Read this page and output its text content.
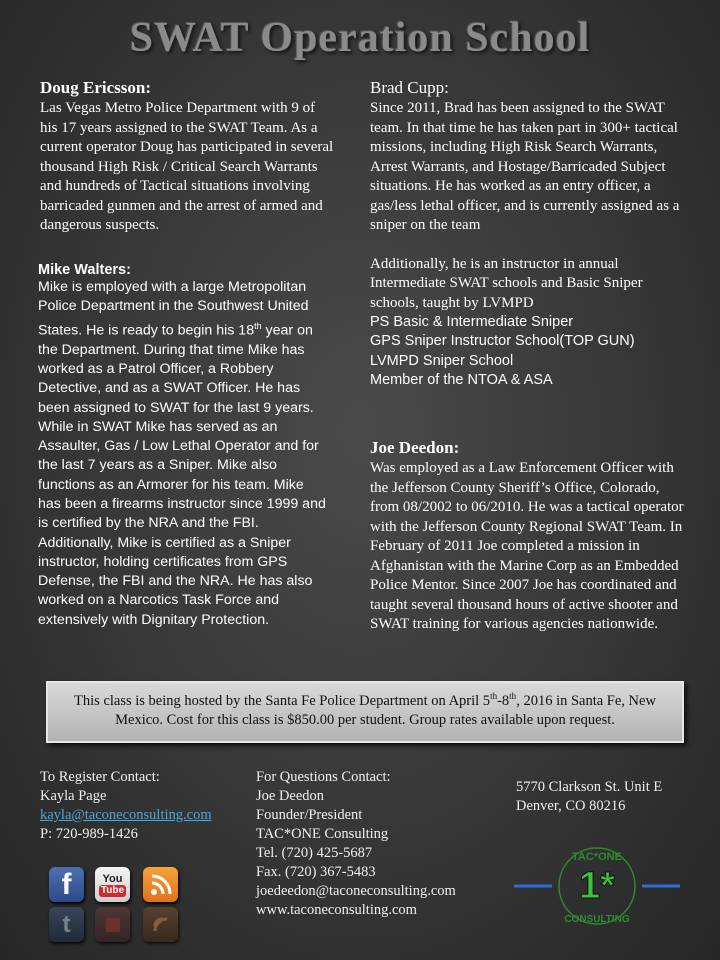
SWAT Operation School
Doug Ericsson:
Las Vegas Metro Police Department with 9 of his 17 years assigned to the SWAT Team. As a current operator Doug has participated in several thousand High Risk / Critical Search Warrants and hundreds of Tactical situations involving barricaded gunmen and the arrest of armed and dangerous suspects.
Mike Walters:
Mike is employed with a large Metropolitan Police Department in the Southwest United States. He is ready to begin his 18th year on the Department. During that time Mike has worked as a Patrol Officer, a Robbery Detective, and as a SWAT Officer. He has been assigned to SWAT for the last 9 years. While in SWAT Mike has served as an Assaulter, Gas / Low Lethal Operator and for the last 7 years as a Sniper. Mike also functions as an Armorer for his team. Mike has been a firearms instructor since 1999 and is certified by the NRA and the FBI. Additionally, Mike is certified as a Sniper instructor, holding certificates from GPS Defense, the FBI and the NRA. He has also worked on a Narcotics Task Force and extensively with Dignitary Protection.
Brad Cupp:
Since 2011, Brad has been assigned to the SWAT team. In that time he has taken part in 300+ tactical missions, including High Risk Search Warrants, Arrest Warrants, and Hostage/Barricaded Subject situations. He has worked as an entry officer, a gas/less lethal officer, and is currently assigned as a sniper on the team
Additionally, he is an instructor in annual Intermediate SWAT schools and Basic Sniper schools, taught by LVMPD
PS Basic & Intermediate Sniper
GPS Sniper Instructor School(TOP GUN)
LVMPD Sniper School
Member of the NTOA & ASA
Joe Deedon:
Was employed as a Law Enforcement Officer with the Jefferson County Sheriff’s Office, Colorado, from 08/2002 to 06/2010. He was a tactical operator with the Jefferson County Regional SWAT Team. In February of 2011 Joe completed a mission in Afghanistan with the Marine Corp as an Embedded Police Mentor. Since 2007 Joe has coordinated and taught several thousand hours of active shooter and SWAT training for various agencies nationwide.
This class is being hosted by the Santa Fe Police Department on April 5th-8th, 2016 in Santa Fe, New Mexico. Cost for this class is $850.00 per student. Group rates available upon request.
To Register Contact:
Kayla Page
kayla@taconeconsulting.com
P: 720-989-1426
For Questions Contact:
Joe Deedon
Founder/President
TAC*ONE Consulting
Tel. (720) 425-5687
Fax. (720) 367-5483
joedeedon@taconeconsulting.com
www.taconeconsulting.com
5770 Clarkson St. Unit E
Denver, CO 80216
f	You
Tube
t
TAC*ONE
1*
CONSULTING
